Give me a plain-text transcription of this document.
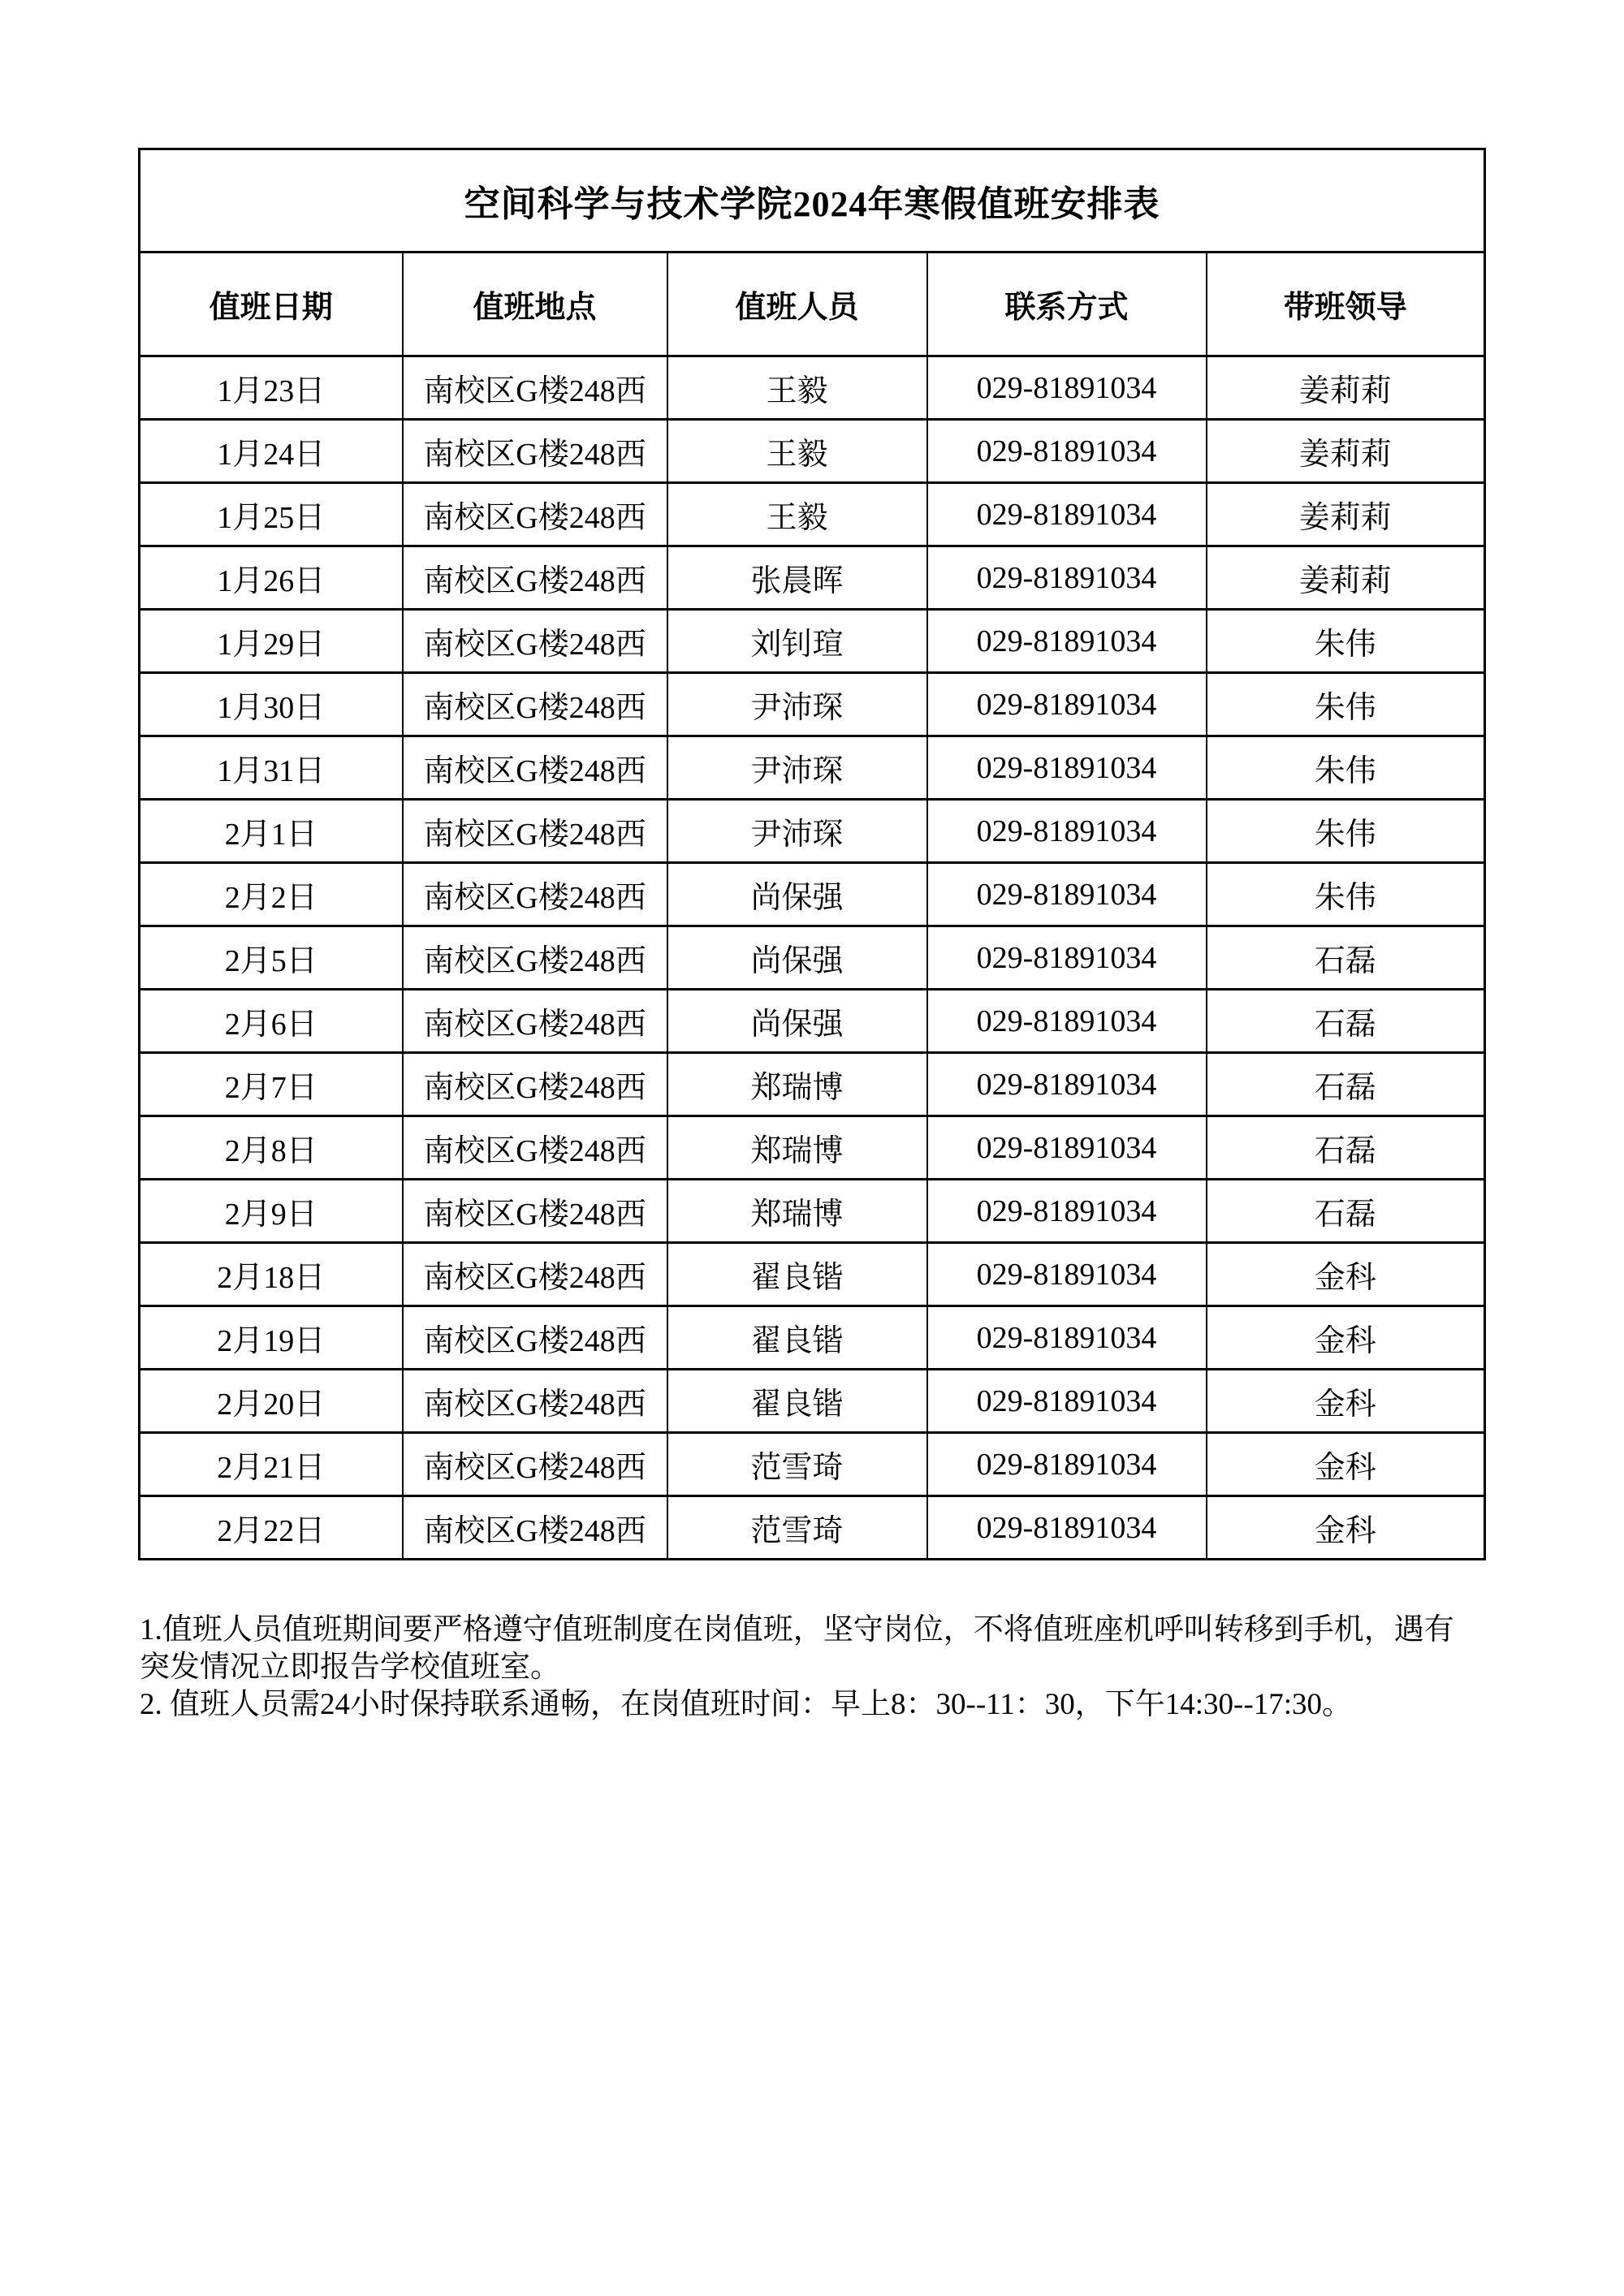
空间科学与技术学院2024年寒假值班安排表				
值班日期	值班地点	值班人员	联系方式	带班领导
1月23日	南校区G楼248西	王毅	029-81891034	姜莉莉
1月24日	南校区G楼248西	王毅	029-81891034	姜莉莉
1月25日	南校区G楼248西	王毅	029-81891034	姜莉莉
1月26日	南校区G楼248西	张晨晖	029-81891034	姜莉莉
1月29日	南校区G楼248西	刘钊瑄	029-81891034	朱伟
1月30日	南校区G楼248西	尹沛琛	029-81891034	朱伟
1月31日	南校区G楼248西	尹沛琛	029-81891034	朱伟
2月1日	南校区G楼248西	尹沛琛	029-81891034	朱伟
2月2日	南校区G楼248西	尚保强	029-81891034	朱伟
2月5日	南校区G楼248西	尚保强	029-81891034	石磊
2月6日	南校区G楼248西	尚保强	029-81891034	石磊
2月7日	南校区G楼248西	郑瑞博	029-81891034	石磊
2月8日	南校区G楼248西	郑瑞博	029-81891034	石磊
2月9日	南校区G楼248西	郑瑞博	029-81891034	石磊
2月18日	南校区G楼248西	翟良锴	029-81891034	金科
2月19日	南校区G楼248西	翟良锴	029-81891034	金科
2月20日	南校区G楼248西	翟良锴	029-81891034	金科
2月21日	南校区G楼248西	范雪琦	029-81891034	金科
2月22日	南校区G楼248西	范雪琦	029-81891034	金科

1.值班人员值班期间要严格遵守值班制度在岗值班，坚守岗位，不将值班座机呼叫转移到手机，遇有突发情况立即报告学校值班室。

2. 值班人员需24小时保持联系通畅，在岗值班时间：早上8：30--11：30，下午14:30--17:30。
